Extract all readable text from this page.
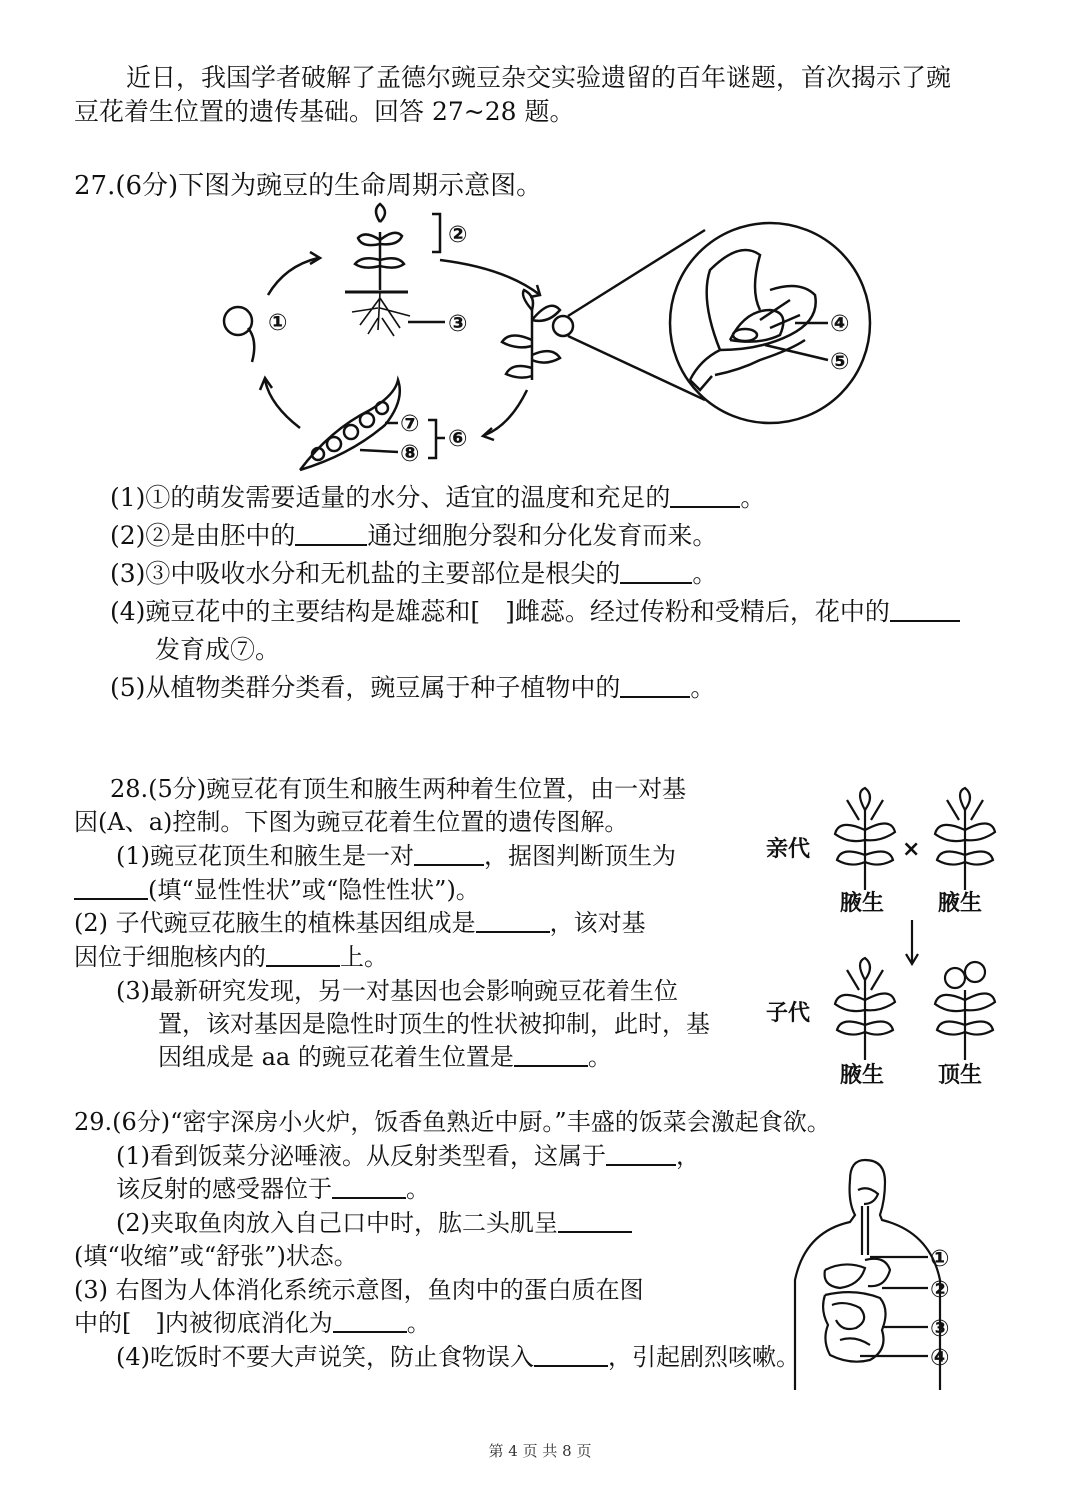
近日，我国学者破解了孟德尔豌豆杂交实验遗留的百年谜题，首次揭示了豌
豆花着生位置的遗传基础。回答 27~28 题。
27.(6分)下图为豌豆的生命周期示意图。
①
②
③	④
⑤
⑥
⑦
⑧
(1)①的萌发需要适量的水分、适宜的温度和充足的	。
(2)②是由胚中的	通过细胞分裂和分化发育而来。
(3)③中吸收水分和无机盐的主要部位是根尖的	。
(4)豌豆花中的主要结构是雄蕊和[　]雌蕊。经过传粉和受精后，花中的
发育成⑦。
(5)从植物类群分类看，豌豆属于种子植物中的	。
28.(5分)豌豆花有顶生和腋生两种着生位置，由一对基
因(A、a)控制。下图为豌豆花着生位置的遗传图解。
(1)豌豆花顶生和腋生是一对	，据图判断顶生为
(填“显性性状”或“隐性性状”)。
(2) 子代豌豆花腋生的植株基因组成是	，该对基
因位于细胞核内的	上。
(3)最新研究发现，另一对基因也会影响豌豆花着生位
置，该对基因是隐性时顶生的性状被抑制，此时，基
因组成是 aa 的豌豆花着生位置是	。
亲代	×
腋生 腋生
子代
腋生 顶生
29.(6分)“密宇深房小火炉，饭香鱼熟近中厨。”丰盛的饭菜会激起食欲。
(1)看到饭菜分泌唾液。从反射类型看，这属于	，
该反射的感受器位于	。
(2)夹取鱼肉放入自己口中时，肱二头肌呈
(填“收缩”或“舒张”)状态。
(3) 右图为人体消化系统示意图，鱼肉中的蛋白质在图
中的[　]内被彻底消化为	。
(4)吃饭时不要大声说笑，防止食物误入	，引起剧烈咳嗽。
①
②
③
④
第 4 页 共 8 页
